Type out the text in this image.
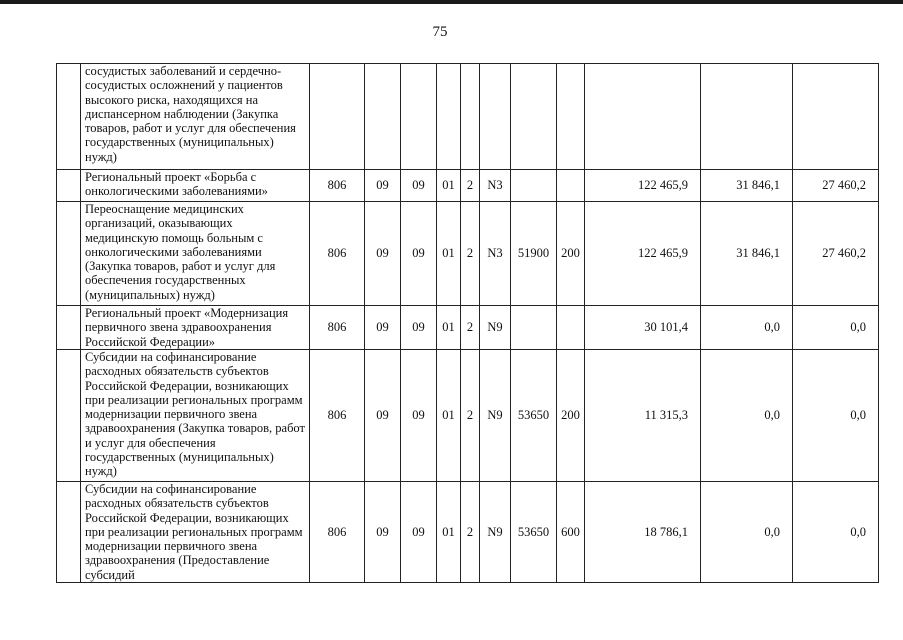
75
	сосудистых заболеваний и сердечно-сосудистых осложнений у пациентов высокого риска, находящихся на диспансерном наблюдении (Закупка товаров, работ и услуг для обеспечения государственных (муниципальных) нужд)											
	Региональный проект «Борьба с онкологическими заболеваниями»	806	09	09	01	2	N3			122 465,9	31 846,1	27 460,2
	Переоснащение медицинских организаций, оказывающих медицинскую помощь больным с онкологическими заболеваниями (Закупка товаров, работ и услуг для обеспечения государственных (муниципальных) нужд)	806	09	09	01	2	N3	51900	200	122 465,9	31 846,1	27 460,2
	Региональный проект «Модернизация первичного звена здравоохранения Российской Федерации»	806	09	09	01	2	N9			30 101,4	0,0	0,0
	Субсидии на софинансирование расходных обязательств субъектов Российской Федерации, возникающих при реализации региональных программ модернизации первичного звена здравоохранения (Закупка товаров, работ и услуг для обеспечения государственных (муниципальных) нужд)	806	09	09	01	2	N9	53650	200	11 315,3	0,0	0,0
	Субсидии на софинансирование расходных обязательств субъектов Российской Федерации, возникающих при реализации региональных программ модернизации первичного звена здравоохранения (Предоставление субсидий	806	09	09	01	2	N9	53650	600	18 786,1	0,0	0,0
